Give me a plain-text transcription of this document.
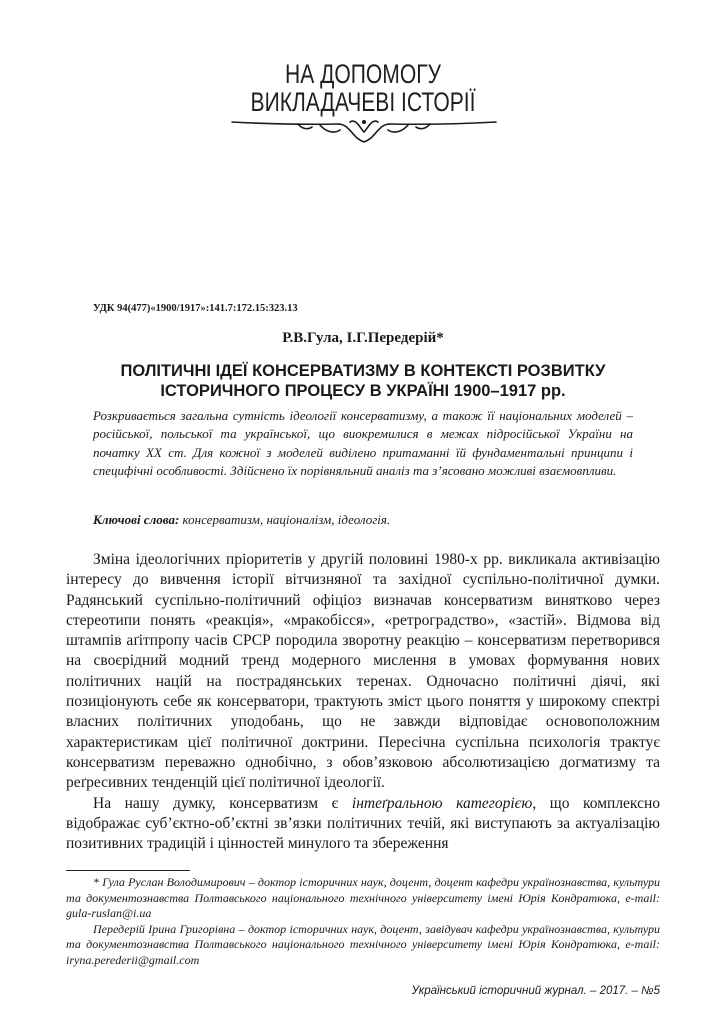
НА ДОПОМОГУ
ВИКЛАДАЧЕВІ ІСТОРІЇ
УДК 94(477)«1900/1917»:141.7:172.15:323.13
Р.В.Гула, І.Г.Передерій*
ПОЛІТИЧНІ ІДЕЇ КОНСЕРВАТИЗМУ В КОНТЕКСТІ РОЗВИТКУ ІСТОРИЧНОГО ПРОЦЕСУ В УКРАЇНІ 1900–1917 рр.
Розкривається загальна сутність ідеології консерватизму, а також її національних моделей – російської, польської та української, що виокремилися в межах підросійської України на початку ХХ ст. Для кожної з моделей виділено притаманні їй фундаментальні принципи і специфічні особливості. Здійснено їх порівняльний аналіз та з’ясовано можливі взаємовпливи.
Ключові слова: консерватизм, націоналізм, ідеологія.

Зміна ідеологічних пріоритетів у другій половині 1980-х рр. викликала активізацію інтересу до вивчення історії вітчизняної та західної суспільно-політичної думки. Радянський суспільно-політичний офіціоз визначав консерватизм винятково через стереотипи понять «реакція», «мракобісся», «ретроградство», «застій». Відмова від штампів аґітпропу часів СРСР породила зворотну реакцію – консерватизм перетворився на своєрідний модний тренд модерного мислення в умовах формування нових політичних націй на пострадянських теренах. Одночасно політичні діячі, які позиціонують себе як консерватори, трактують зміст цього поняття у широкому спектрі власних політичних уподобань, що не завжди відповідає основоположним характеристикам цієї політичної доктрини. Пересічна суспільна психологія трактує консерватизм переважно однобічно, з обов’язковою абсолютизацією догматизму та реґресивних тенденцій цієї політичної ідеології.

На нашу думку, консерватизм є інтеґральною категорією, що комплексно відображає суб’єктно-об’єктні зв’язки політичних течій, які виступають за актуалізацію позитивних традицій і цінностей минулого та збереження

* Гула Руслан Володимирович – доктор історичних наук, доцент, доцент кафедри українознавства, культури та документознавства Полтавського національного технічного університету імені Юрія Кондратюка, e-mail: gula-ruslan@i.ua

Передерій Ірина Григорівна – доктор історичних наук, доцент, завідувач кафедри українознавства, культури та документознавства Полтавського національного технічного університету імені Юрія Кондратюка, e-mail: iryna.perederii@gmail.com

Український історичний журнал. – 2017. – №5
